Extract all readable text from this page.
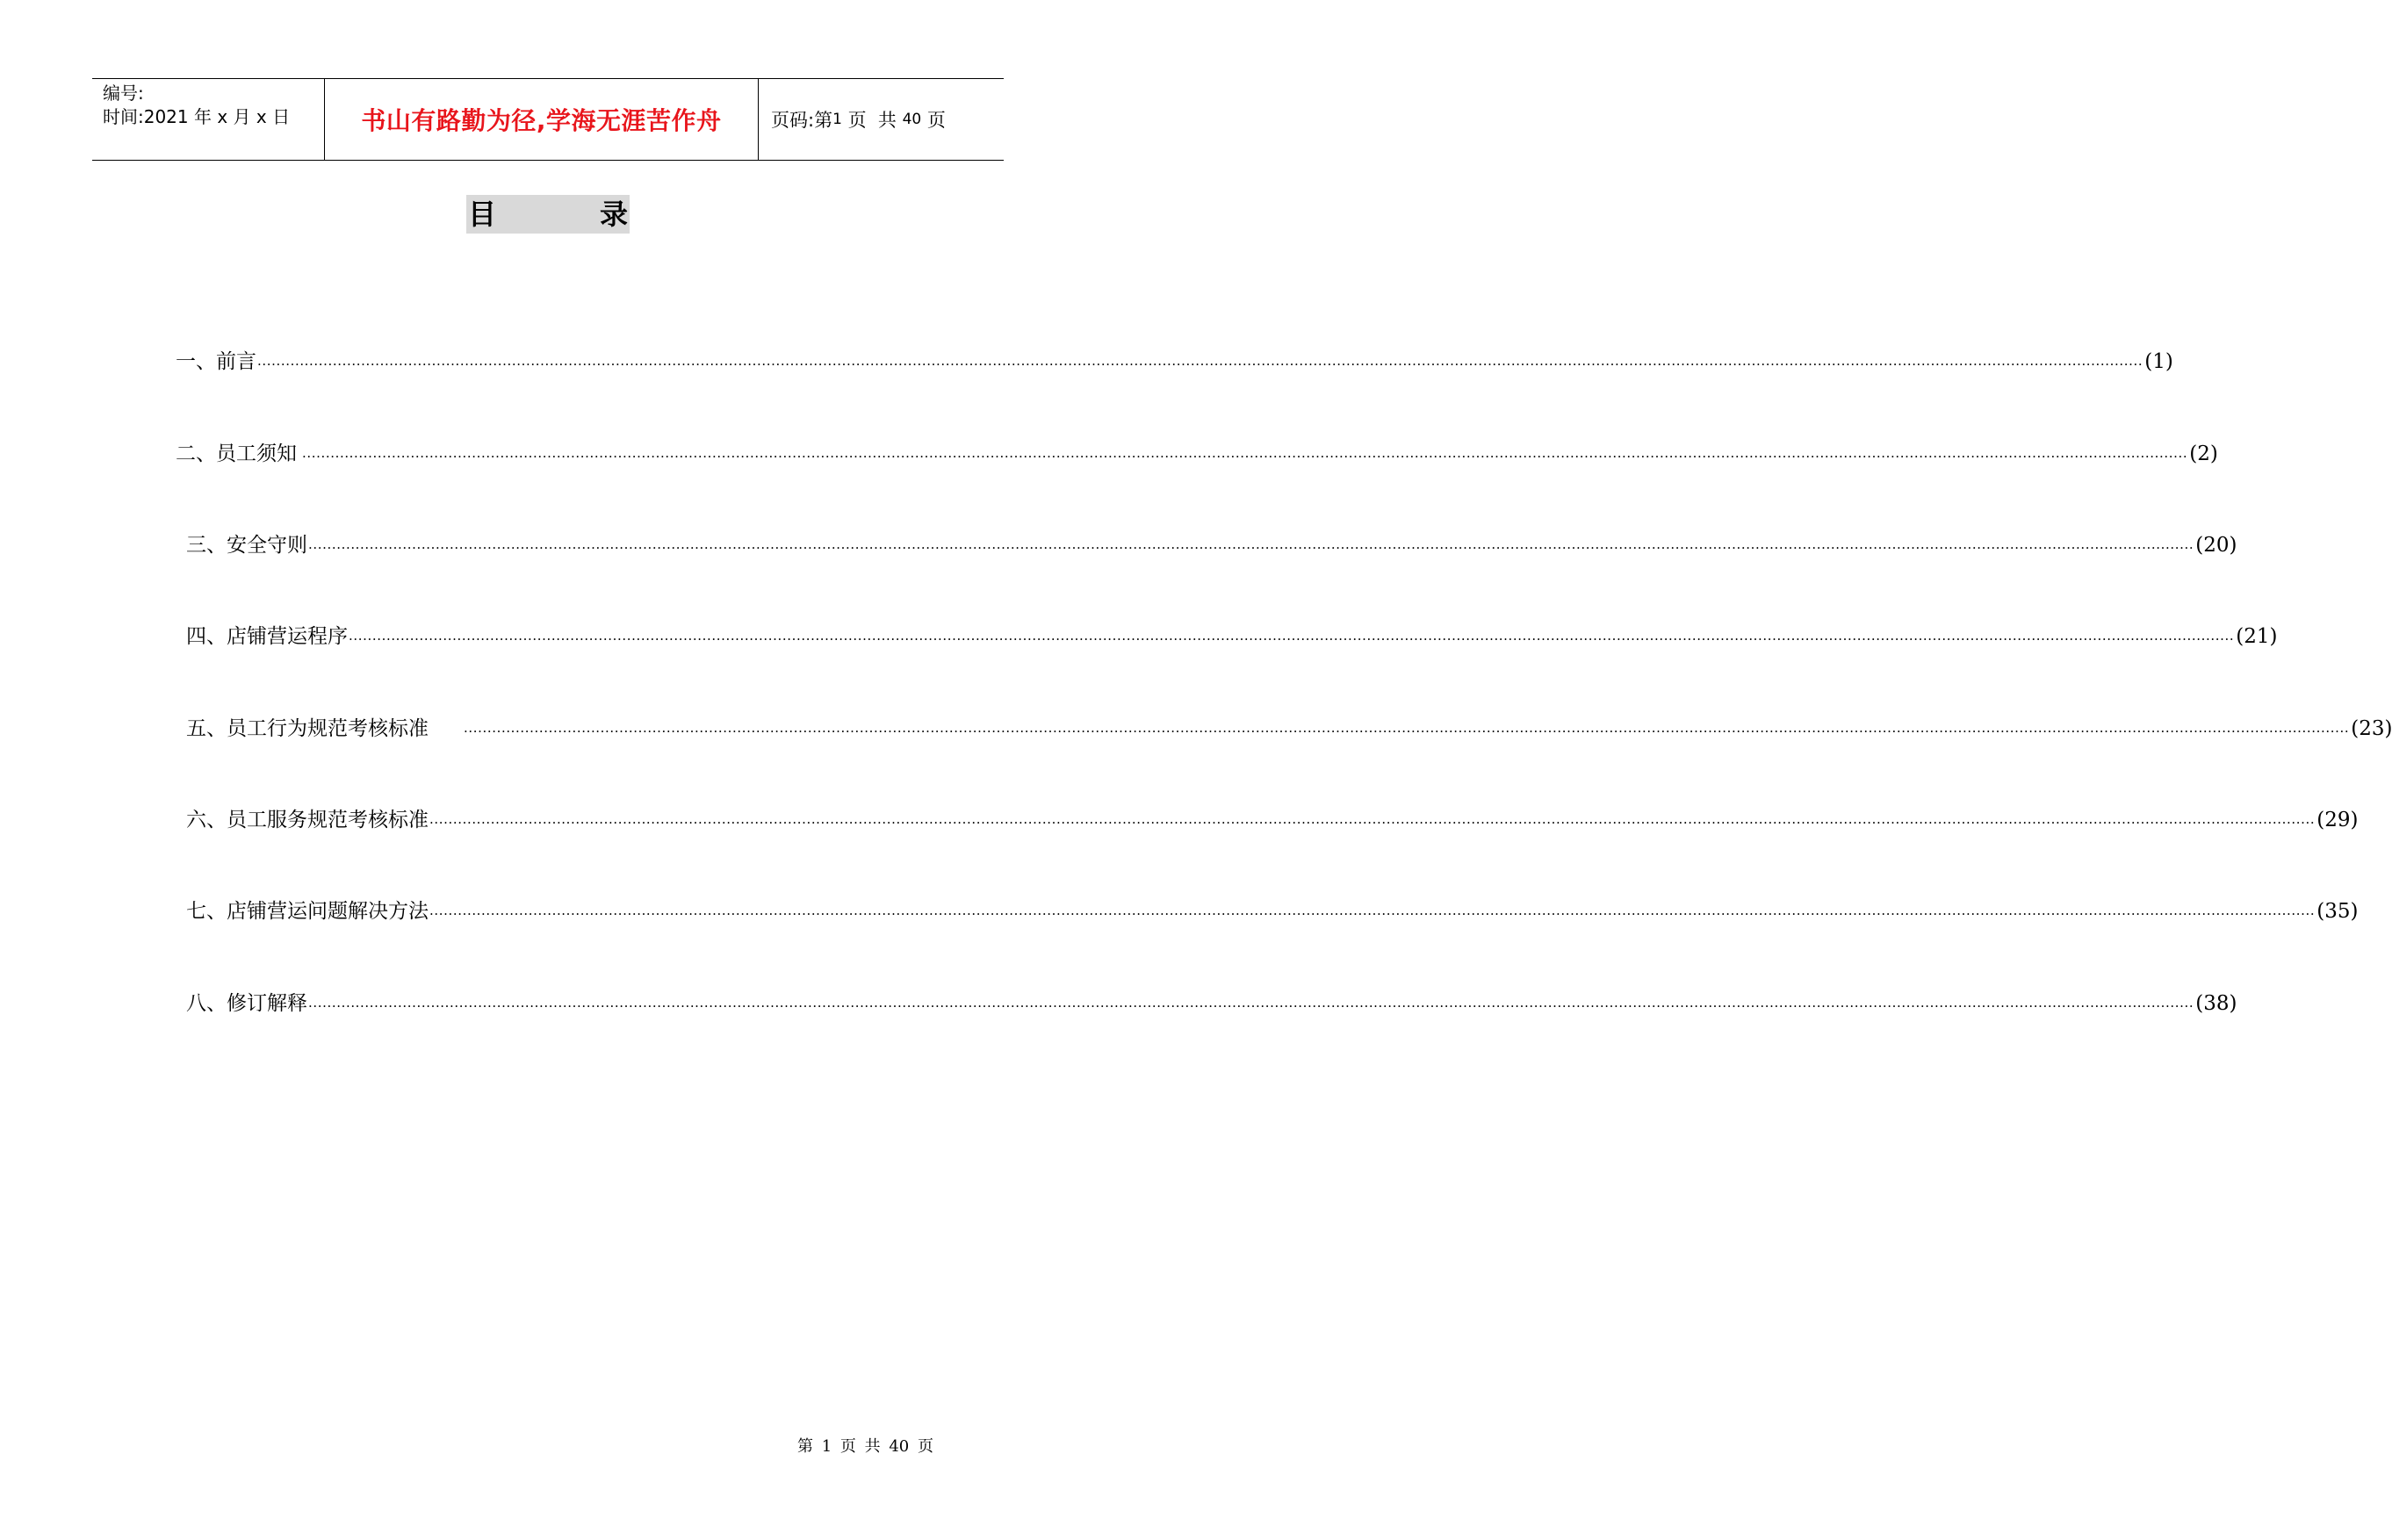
编号:
时间:2021 年 x 月 x 日	书山有路勤为径,学海无涯苦作舟	页码:第 1 页  共 40 页
目	录
一、前言 ················································································································································································································································································································································································································ (1)
二、员工须知 ················································································································································································································································································································································································································ (2)
三、安全守则 ················································································································································································································································································································································································································ (20)
四、店铺营运程序 ················································································································································································································································································································································································································ (21)
五、员工行为规范考核标准	················································································································································································································································································································································································································ (23)
六、员工服务规范考核标准 ················································································································································································································································································································································································································ (29)
七、店铺营运问题解决方法 ················································································································································································································································································································································································································ (35)
八、修订解释 ················································································································································································································································································································································································································ (38)
第 1 页 共 40 页
